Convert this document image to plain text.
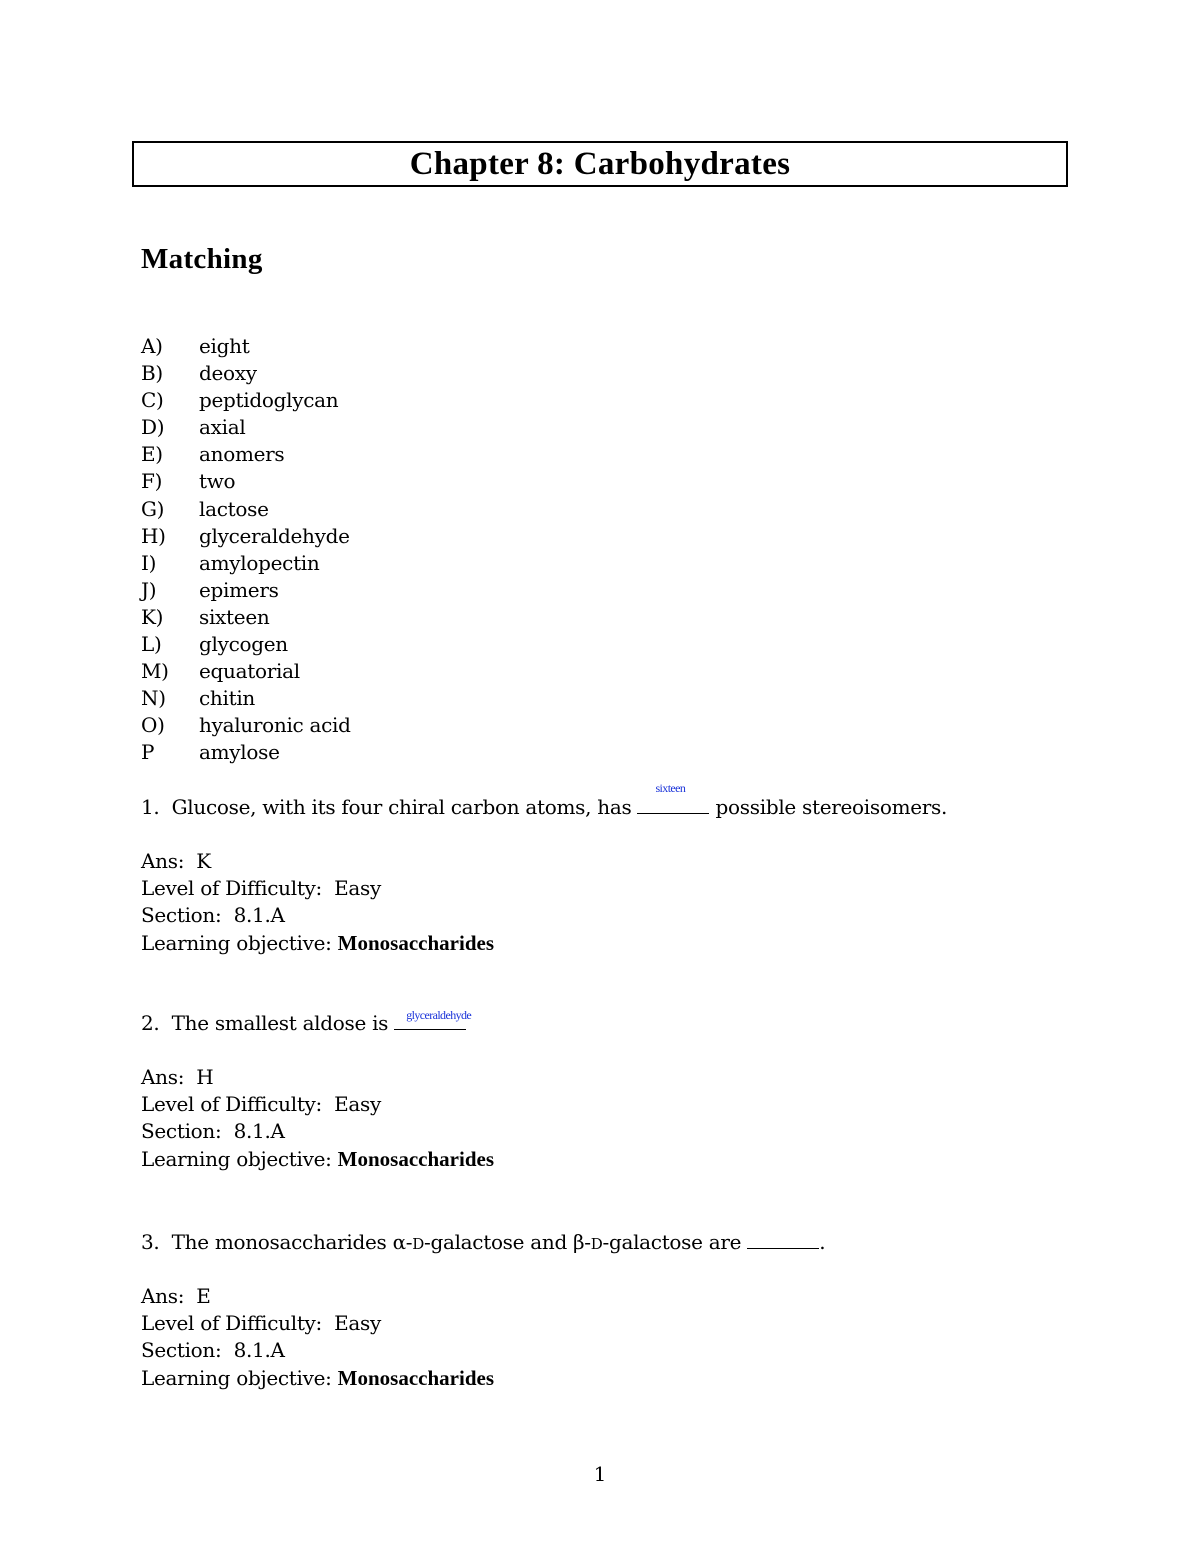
Chapter 8: Carbohydrates
Matching
A)	eight
B)	deoxy
C)	peptidoglycan
D)	axial
E)	anomers
F)	two
G)	lactose
H)	glyceraldehyde
I)	amylopectin
J)	epimers
K)	sixteen
L)	glycogen
M)	equatorial
N)	chitin
O)	hyaluronic acid
P	amylose
1. Glucose, with its four chiral carbon atoms, has
sixteen
possible stereoisomers.
Ans: K
Level of Difficulty: Easy
Section: 8.1.A
Learning objective: Monosaccharides
2. The smallest aldose is glyceraldehyde
Ans: H
Level of Difficulty: Easy
Section: 8.1.A
Learning objective: Monosaccharides
3. The monosaccharides α-D-galactose and β-D-galactose are	.
Ans: E
Level of Difficulty: Easy
Section: 8.1.A
Learning objective: Monosaccharides
1
